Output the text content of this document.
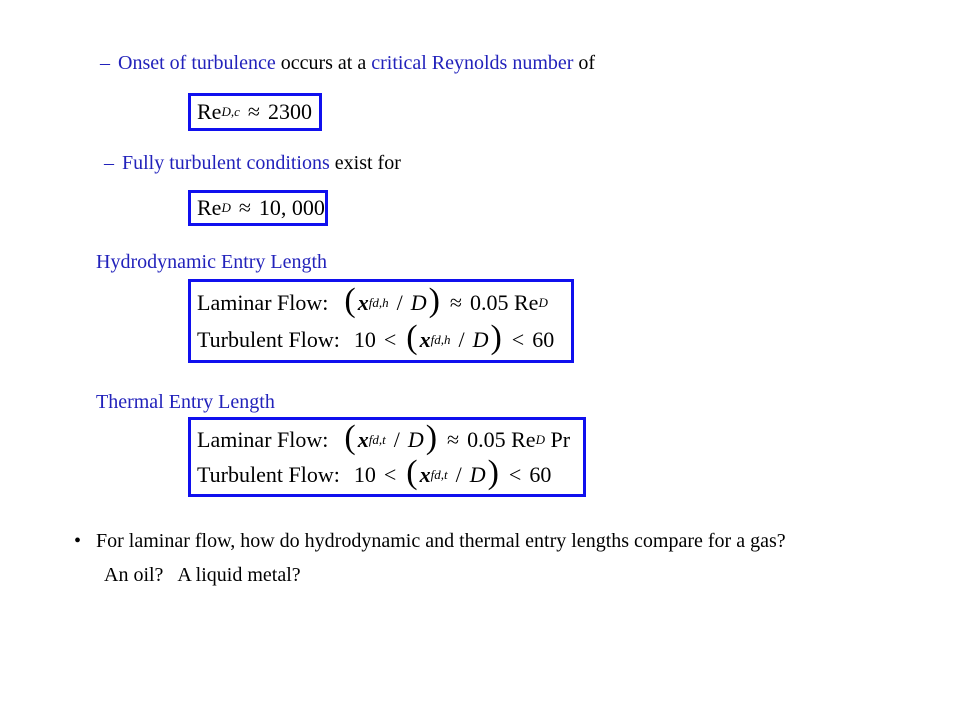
– Onset of turbulence occurs at a critical Reynolds number of
Re D,c ≈ 2300
– Fully turbulent conditions exist for
Re D ≈ 10, 000
Hydrodynamic Entry Length
Laminar Flow: ( x fd,h / D ) ≈ 0.05
Re D
Turbulent Flow: 10 < ( x fd,h / D ) < 60
Thermal Entry Length
Laminar Flow: ( x fd,t / D ) ≈ 0.05
Re D
Pr
Turbulent Flow: 10 < ( x fd,t / D ) < 60
• For laminar flow, how do hydrodynamic and thermal entry lengths compare for a gas?
An oil?   A liquid metal?
